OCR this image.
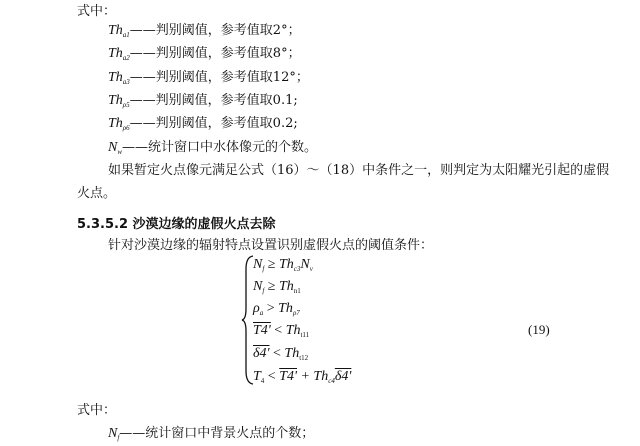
式中：
$Th_{a1}——$判别阈值，参考值取2°；
$Th_{a2}——$判别阈值，参考值取8°；
$Th_{a3}——$判别阈值，参考值取12°；
$Th_{\rho 5}——$判别阈值，参考值取0.1;
$Th_{\rho 6}——$判别阈值，参考值取0.2;
$N_w——$统计窗口中水体像元的个数。
如果暂定火点像元满足公式（16）～（18）中条件之一，则判定为太阳耀光引起的虚假
火点。
5.3.5.2 沙漠边缘的虚假火点去除
针对沙漠边缘的辐射特点设置识别虚假火点的阈值条件：
$N_f \ge Th_{c3}N_v$
$N_f \ge Th_{n1}$
$\rho_a > Th_{\rho 7}$
$T4' < Th_{t11}$
$\delta 4' < Th_{t12}$
$T_4 < T4' + Th_{c4}\delta 4'$
(19)
式中：
$N_f——$统计窗口中背景火点的个数；
